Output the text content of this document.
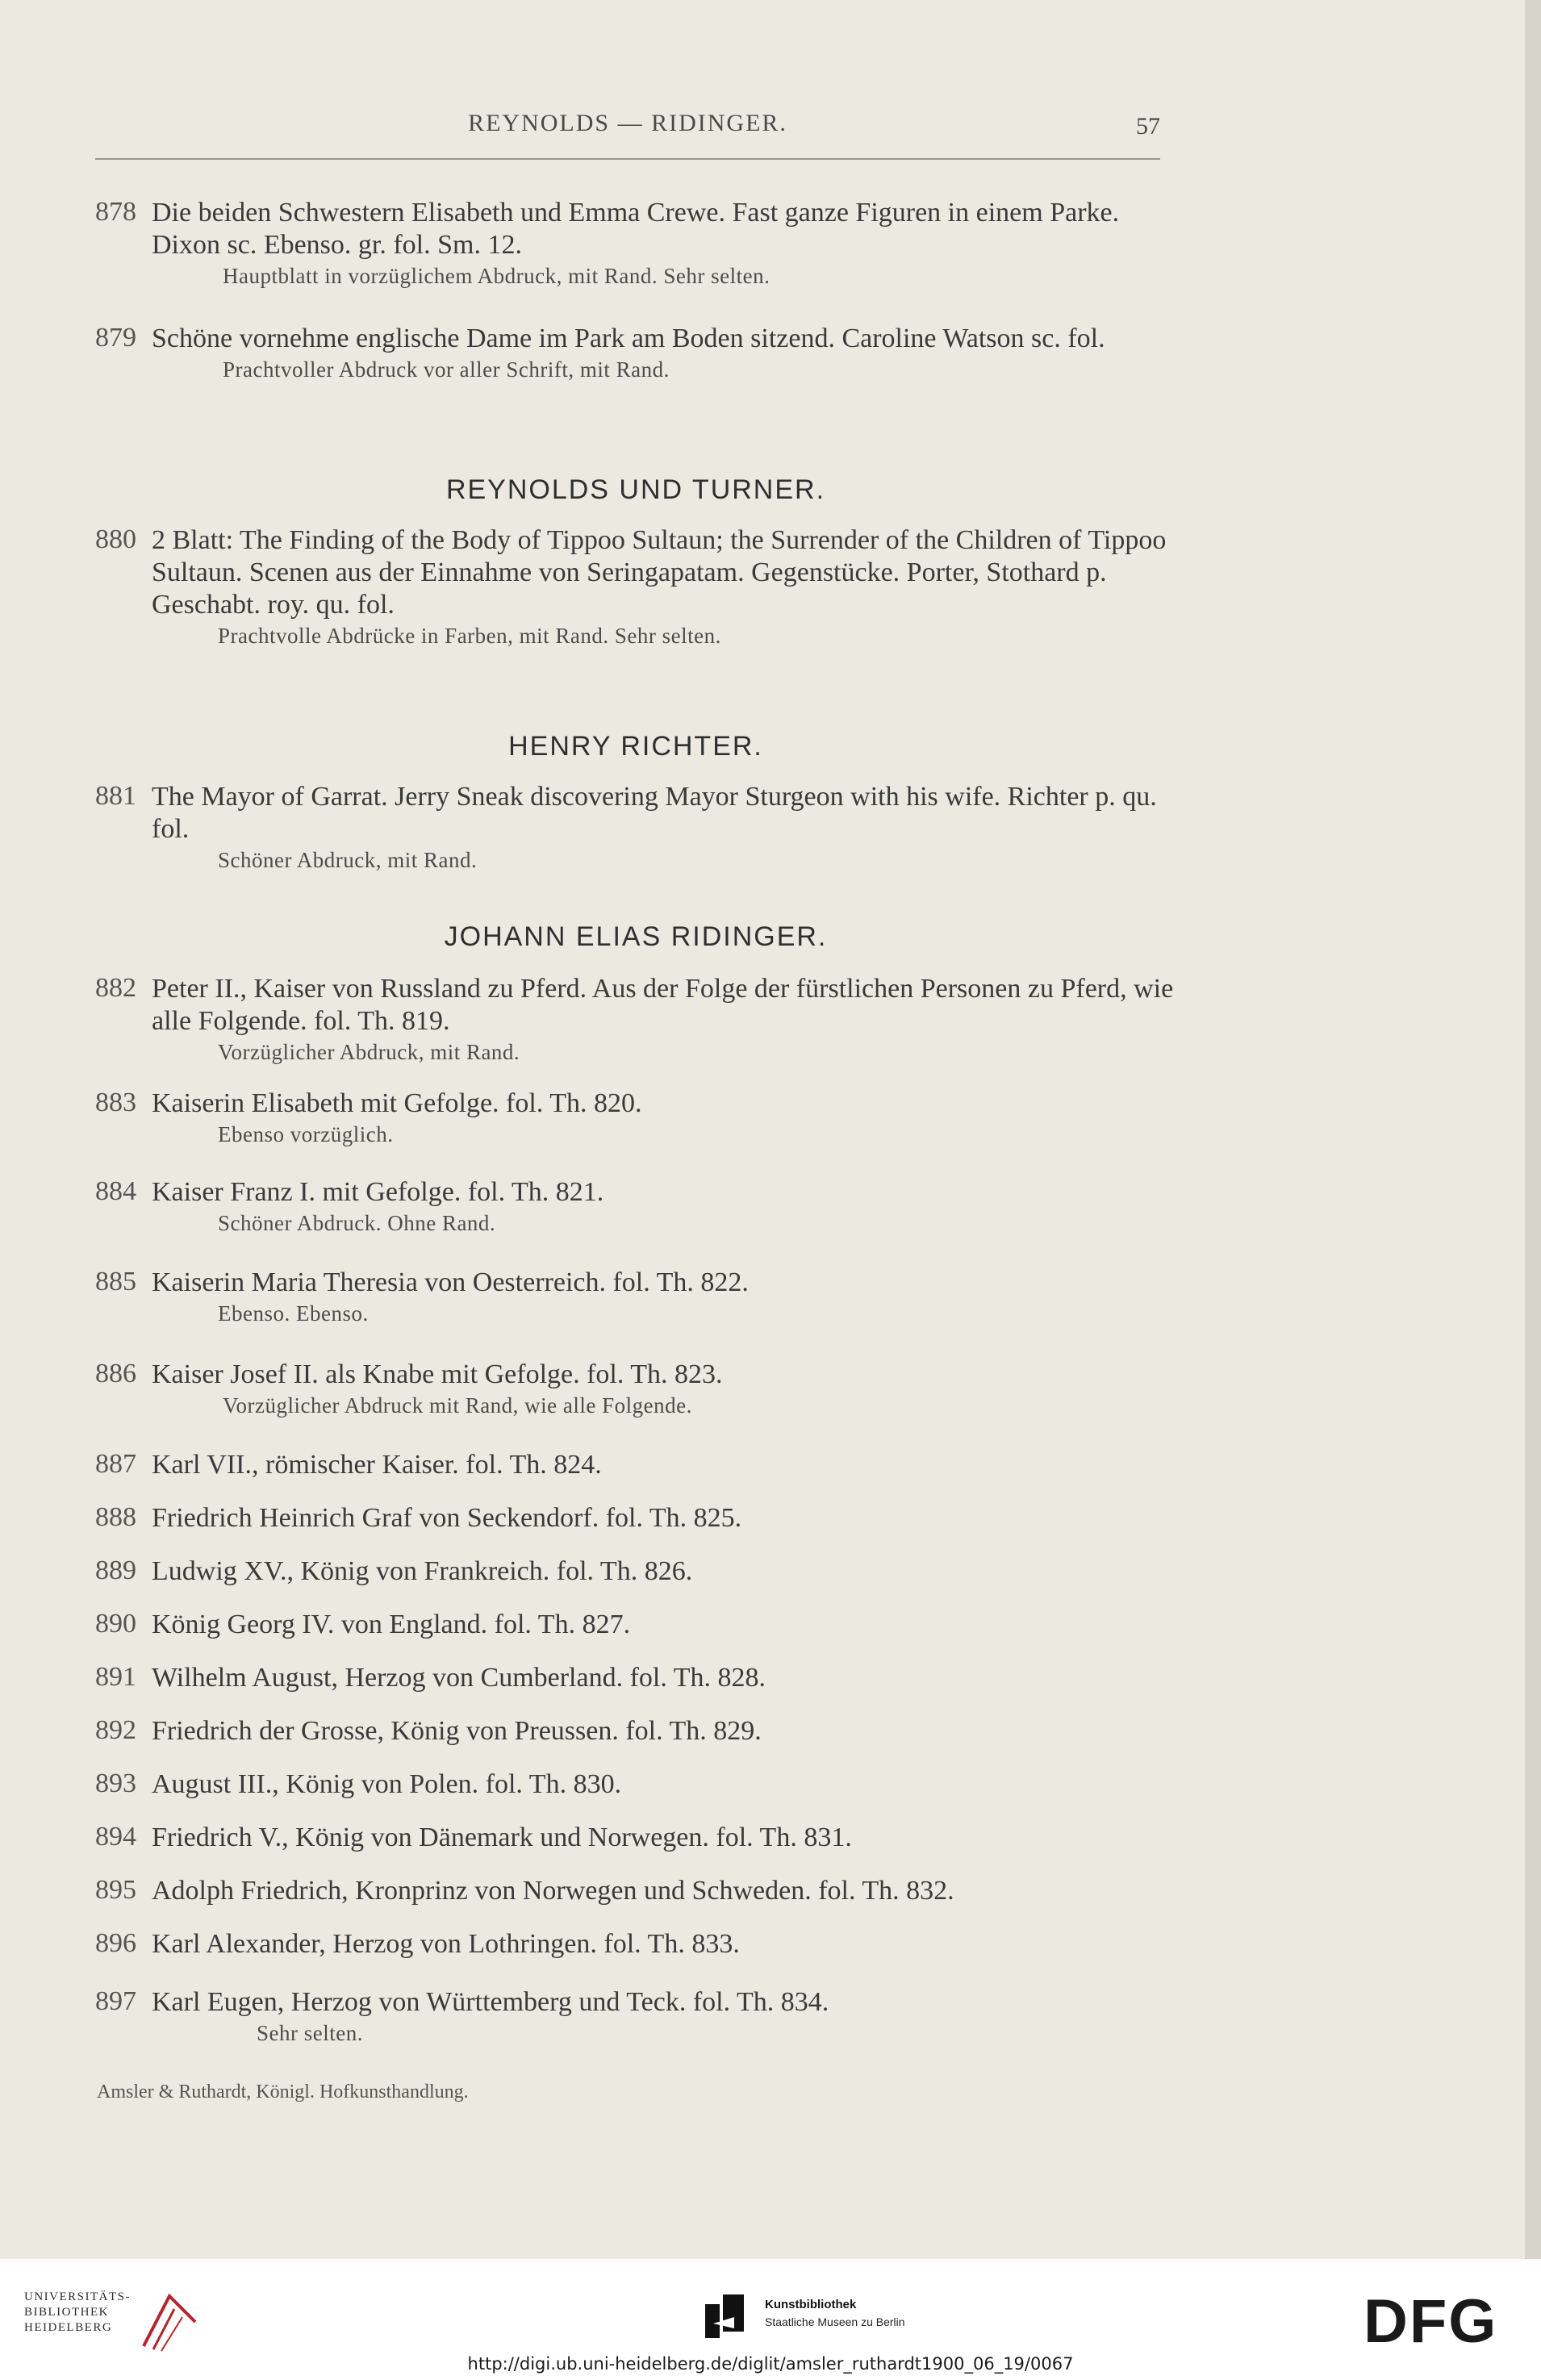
REYNOLDS — RIDINGER.	57
878 Die beiden Schwestern Elisabeth und Emma Crewe. Fast ganze Figuren in einem Parke. Dixon sc. Ebenso. gr. fol. Sm. 12.
Hauptblatt in vorzüglichem Abdruck, mit Rand. Sehr selten.
879 Schöne vornehme englische Dame im Park am Boden sitzend. Caroline Watson sc. fol.
Prachtvoller Abdruck vor aller Schrift, mit Rand.
REYNOLDS UND TURNER.
880 2 Blatt: The Finding of the Body of Tippoo Sultaun; the Surrender of the Children of Tippoo Sultaun. Scenen aus der Einnahme von Seringapatam. Gegenstücke. Porter, Stothard p. Geschabt. roy. qu. fol.
Prachtvolle Abdrücke in Farben, mit Rand. Sehr selten.
HENRY RICHTER.
881 The Mayor of Garrat. Jerry Sneak discovering Mayor Sturgeon with his wife. Richter p. qu. fol.
Schöner Abdruck, mit Rand.
JOHANN ELIAS RIDINGER.
882 Peter II., Kaiser von Russland zu Pferd. Aus der Folge der fürstlichen Personen zu Pferd, wie alle Folgende. fol. Th. 819.
Vorzüglicher Abdruck, mit Rand.
883 Kaiserin Elisabeth mit Gefolge. fol. Th. 820.
Ebenso vorzüglich.
884 Kaiser Franz I. mit Gefolge. fol. Th. 821.
Schöner Abdruck. Ohne Rand.
885 Kaiserin Maria Theresia von Oesterreich. fol. Th. 822.
Ebenso. Ebenso.
886 Kaiser Josef II. als Knabe mit Gefolge. fol. Th. 823.
Vorzüglicher Abdruck mit Rand, wie alle Folgende.
887 Karl VII., römischer Kaiser. fol. Th. 824.
888 Friedrich Heinrich Graf von Seckendorf. fol. Th. 825.
889 Ludwig XV., König von Frankreich. fol. Th. 826.
890 König Georg IV. von England. fol. Th. 827.
891 Wilhelm August, Herzog von Cumberland. fol. Th. 828.
892 Friedrich der Grosse, König von Preussen. fol. Th. 829.
893 August III., König von Polen. fol. Th. 830.
894 Friedrich V., König von Dänemark und Norwegen. fol. Th. 831.
895 Adolph Friedrich, Kronprinz von Norwegen und Schweden. fol. Th. 832.
896 Karl Alexander, Herzog von Lothringen. fol. Th. 833.
897 Karl Eugen, Herzog von Württemberg und Teck. fol. Th. 834.
Sehr selten.
Amsler & Ruthardt, Königl. Hofkunsthandlung.
UNIVERSITÄTS-
BIBLIOTHEK
HEIDELBERG
Kunstbibliothek
Staatliche Museen zu Berlin	DFG
http://digi.ub.uni-heidelberg.de/diglit/amsler_ruthardt1900_06_19/0067
